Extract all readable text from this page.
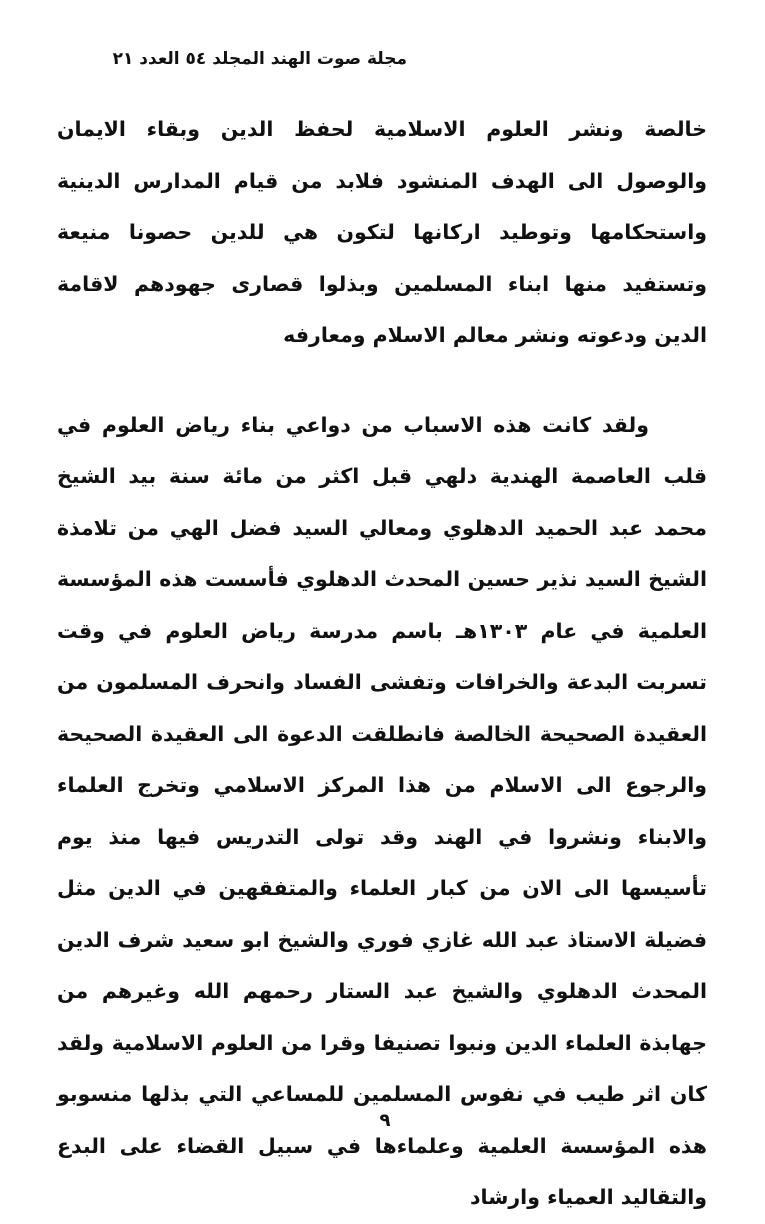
مجلة صوت الهند المجلد ٥٤ العدد ٢١

خالصة ونشر العلوم الاسلامية لحفظ الدين وبقاء الايمان والوصول الى الهدف المنشود فلابد من قيام المدارس الدينية واستحكامها وتوطيد اركانها لتكون هي للدين حصونا منيعة وتستفيد منها ابناء المسلمين وبذلوا قصارى جهودهم لاقامة الدين ودعوته ونشر معالم الاسلام ومعارفه

ولقد كانت هذه الاسباب من دواعي بناء رياض العلوم في قلب العاصمة الهندية دلهي قبل اكثر من مائة سنة بيد الشيخ محمد عبد الحميد الدهلوي ومعالي السيد فضل الهي من تلامذة الشيخ السيد نذير حسين المحدث الدهلوي فأسست هذه المؤسسة العلمية في عام ١٣٠٣هـ باسم مدرسة رياض العلوم في وقت تسربت البدعة والخرافات وتفشى الفساد وانحرف المسلمون من العقيدة الصحيحة الخالصة فانطلقت الدعوة الى العقيدة الصحيحة والرجوع الى الاسلام من هذا المركز الاسلامي وتخرج العلماء والابناء ونشروا في الهند وقد تولى التدريس فيها منذ يوم تأسيسها الى الان من كبار العلماء والمتفقهين في الدين مثل فضيلة الاستاذ عبد الله غازي فوري والشيخ ابو سعيد شرف الدين المحدث الدهلوي والشيخ عبد الستار رحمهم الله وغيرهم من جهابذة العلماء الدين ونبوا تصنيفا وقرا من العلوم الاسلامية ولقد كان اثر طيب في نفوس المسلمين للمساعي التي بذلها منسوبو هذه المؤسسة العلمية وعلماءها في سبيل القضاء على البدع والتقاليد العمياء وارشاد

٩
